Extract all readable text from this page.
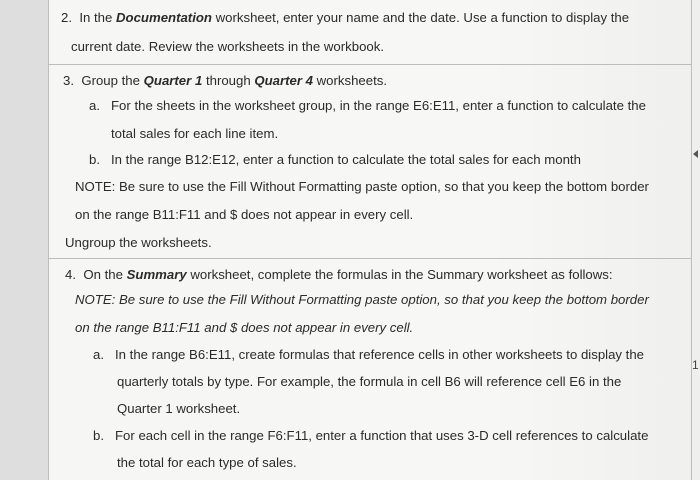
2. In the Documentation worksheet, enter your name and the date. Use a function to display the
current date. Review the worksheets in the workbook.
3. Group the Quarter 1 through Quarter 4 worksheets.
a. For the sheets in the worksheet group, in the range E6:E11, enter a function to calculate the
total sales for each line item.
b. In the range B12:E12, enter a function to calculate the total sales for each month
NOTE: Be sure to use the Fill Without Formatting paste option, so that you keep the bottom border
on the range B11:F11 and $ does not appear in every cell.
Ungroup the worksheets.
4. On the Summary worksheet, complete the formulas in the Summary worksheet as follows:
NOTE: Be sure to use the Fill Without Formatting paste option, so that you keep the bottom border
on the range B11:F11 and $ does not appear in every cell.
a. In the range B6:E11, create formulas that reference cells in other worksheets to display the
quarterly totals by type. For example, the formula in cell B6 will reference cell E6 in the
Quarter 1 worksheet.
b. For each cell in the range F6:F11, enter a function that uses 3-D cell references to calculate
the total for each type of sales.
1
